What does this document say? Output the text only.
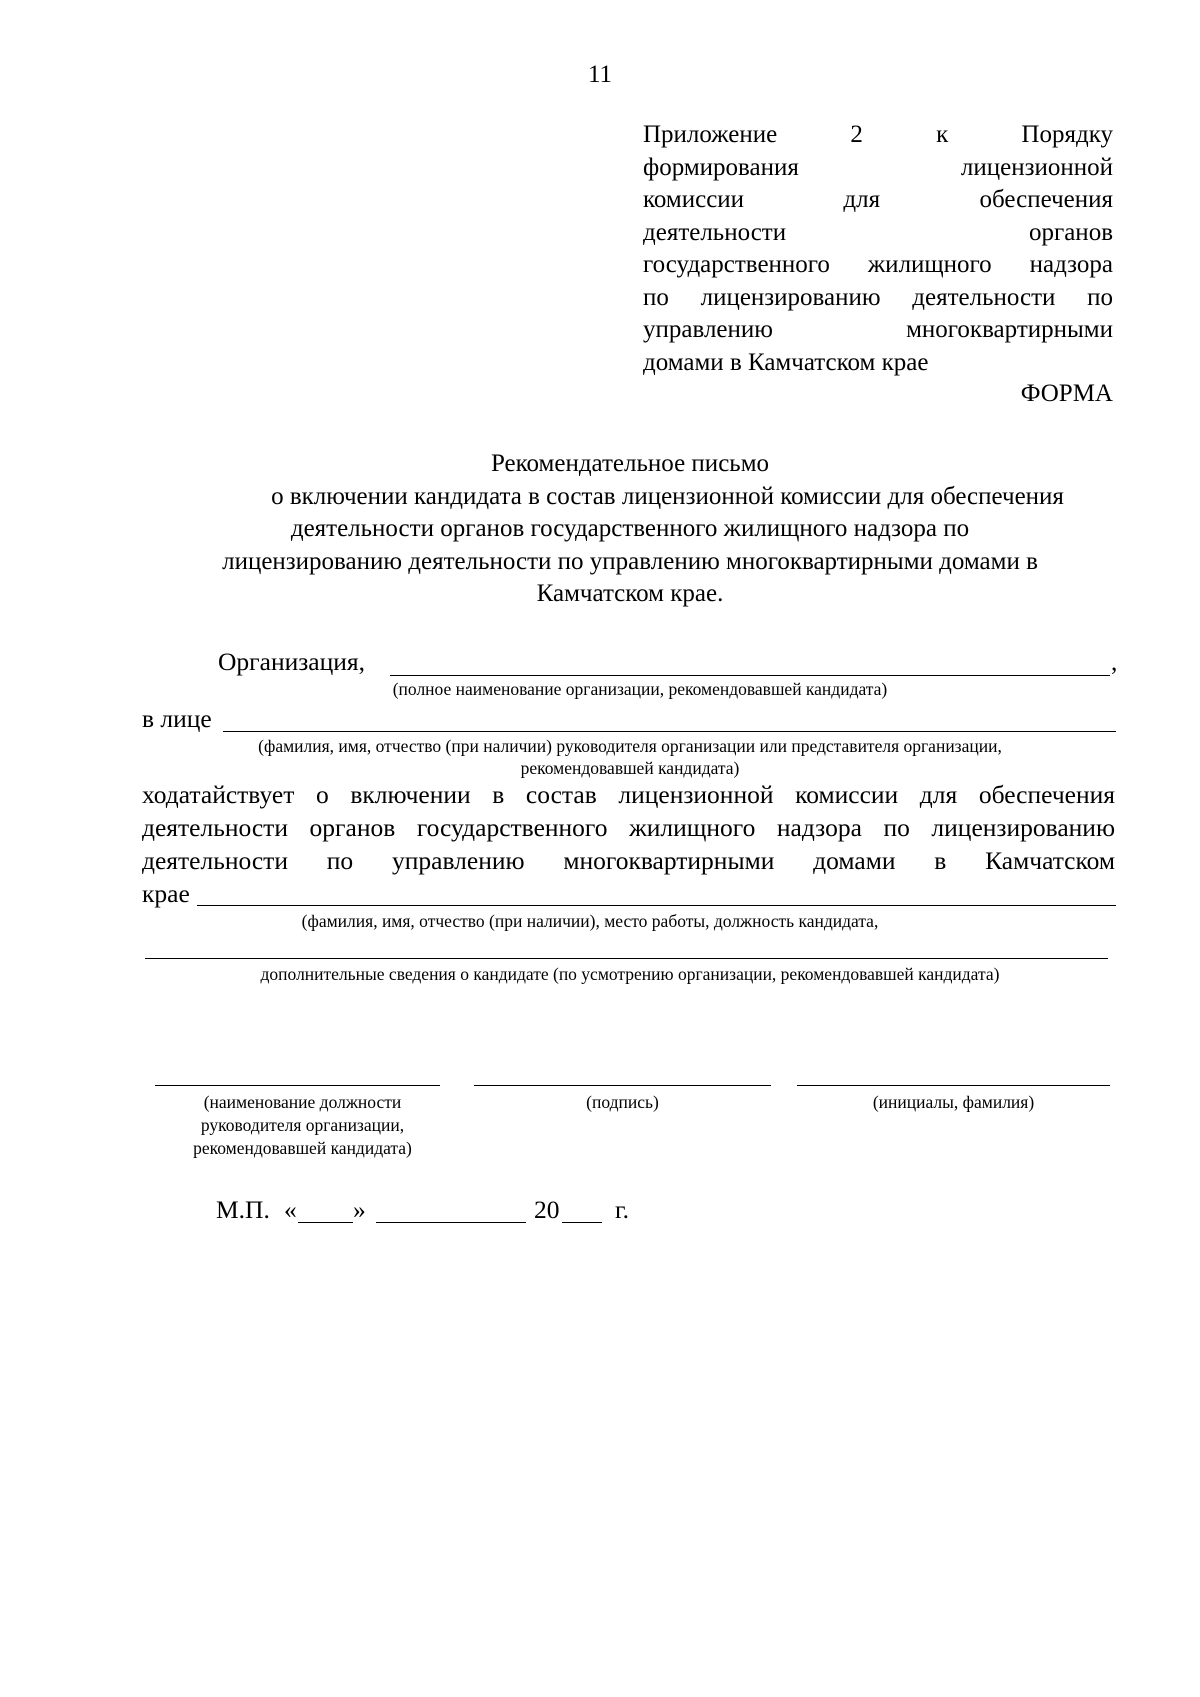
11
Приложение 2 к Порядку
формирования лицензионной
комиссии для обеспечения
деятельности органов
государственного жилищного надзора
по лицензированию деятельности по
управлению многоквартирными
домами в Камчатском крае
ФОРМА
Рекомендательное письмо
о включении кандидата в состав лицензионной комиссии для обеспечения
деятельности органов государственного жилищного надзора по
лицензированию деятельности по управлению многоквартирными домами в
Камчатском крае.
Организация,	,
(полное наименование организации, рекомендовавшей кандидата)
в лице
(фамилия, имя, отчество (при наличии) руководителя организации или представителя организации,
рекомендовавшей кандидата)
ходатайствует о включении в состав лицензионной комиссии для обеспечения
деятельности органов государственного жилищного надзора по лицензированию
деятельности по управлению многоквартирными домами в Камчатском
крае
(фамилия, имя, отчество (при наличии), место работы, должность кандидата,
дополнительные сведения о кандидате (по усмотрению организации, рекомендовавшей кандидата)
(наименование должности
руководителя организации,
рекомендовавшей кандидата)
(подпись)	(инициалы, фамилия)
М.П. « »	20 г.
